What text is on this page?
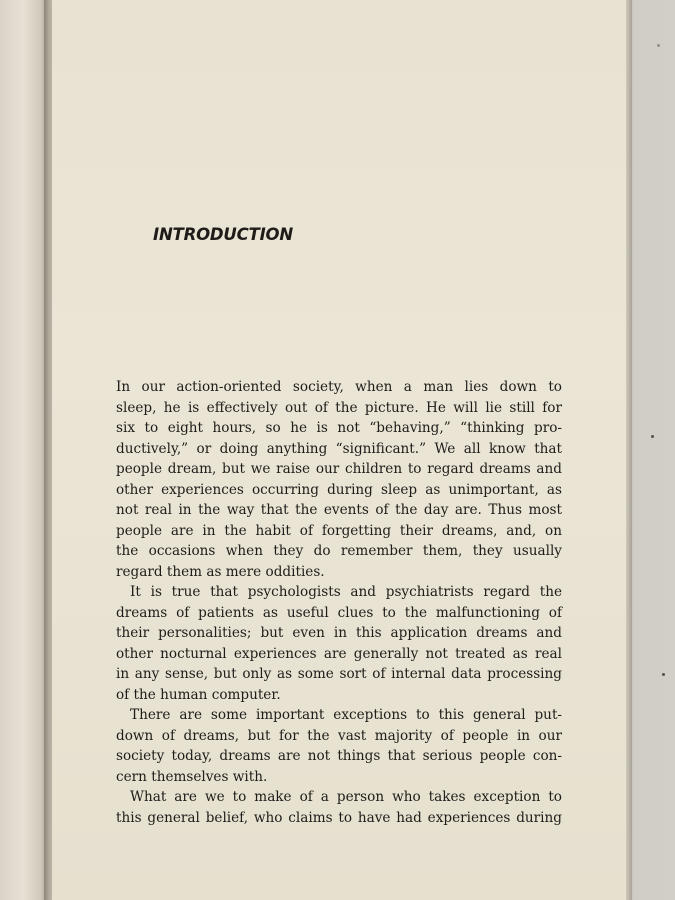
INTRODUCTION

In our action-oriented society, when a man lies down to
sleep, he is effectively out of the picture. He will lie still for
six to eight hours, so he is not “behaving,” “thinking pro-
ductively,” or doing anything “significant.” We all know that
people dream, but we raise our children to regard dreams and
other experiences occurring during sleep as unimportant, as
not real in the way that the events of the day are. Thus most
people are in the habit of forgetting their dreams, and, on
the occasions when they do remember them, they usually
regard them as mere oddities.

It is true that psychologists and psychiatrists regard the
dreams of patients as useful clues to the malfunctioning of
their personalities; but even in this application dreams and
other nocturnal experiences are generally not treated as real
in any sense, but only as some sort of internal data processing
of the human computer.

There are some important exceptions to this general put-
down of dreams, but for the vast majority of people in our
society today, dreams are not things that serious people con-
cern themselves with.

What are we to make of a person who takes exception to
this general belief, who claims to have had experiences during
